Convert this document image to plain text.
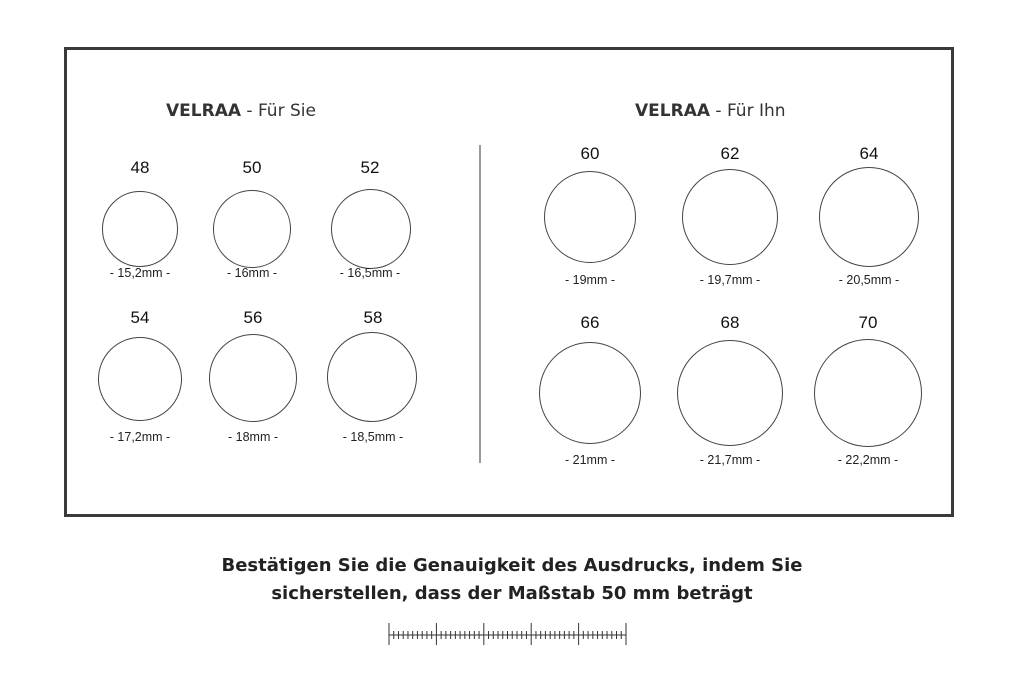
VELRAA - Für Sie	VELRAA - Für Ihn
48
- 15,2mm -
50
- 16mm -
52
- 16,5mm -
54
- 17,2mm -
56
- 18mm -
58
- 18,5mm -
60
- 19mm -
62
- 19,7mm -
64
- 20,5mm -
66
- 21mm -
68
- 21,7mm -
70
- 22,2mm -
Bestätigen Sie die Genauigkeit des Ausdrucks, indem Sie
sicherstellen, dass der Maßstab 50 mm beträgt
